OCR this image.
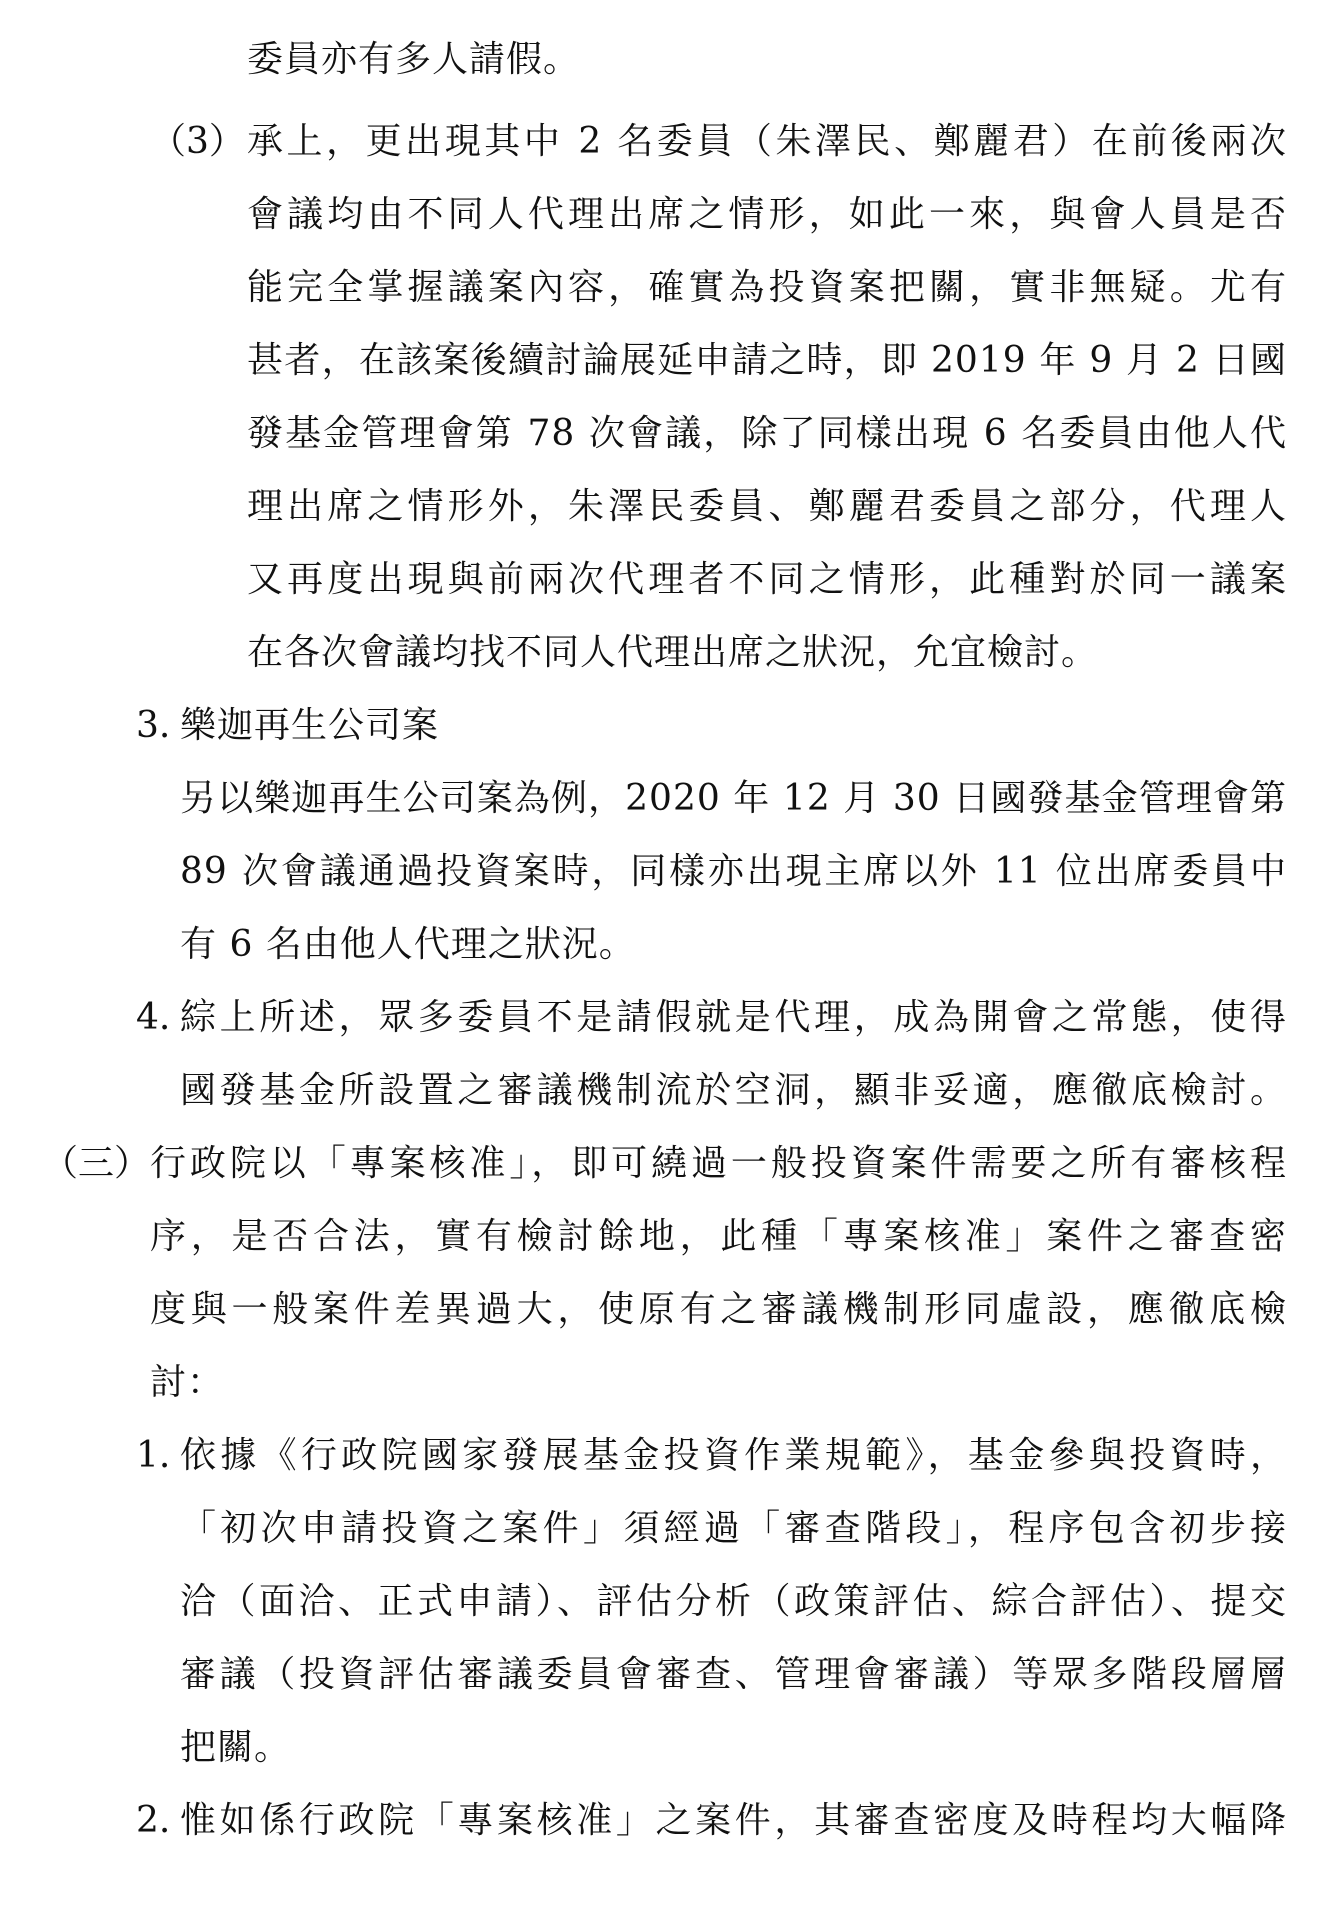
委員亦有多人請假。
（3） 承上，更出現其中 2 名委員（朱澤民、鄭麗君）在前後兩次
會議均由不同人代理出席之情形，如此一來，與會人員是否
能完全掌握議案內容，確實為投資案把關，實非無疑。尤有
甚者，在該案後續討論展延申請之時，即 2019 年 9 月 2 日國
發基金管理會第 78 次會議，除了同樣出現 6 名委員由他人代
理出席之情形外，朱澤民委員、鄭麗君委員之部分，代理人
又再度出現與前兩次代理者不同之情形，此種對於同一議案
在各次會議均找不同人代理出席之狀況，允宜檢討。
3. 樂迦再生公司案
另以樂迦再生公司案為例，2020 年 12 月 30 日國發基金管理會第
89 次會議通過投資案時，同樣亦出現主席以外 11 位出席委員中
有 6 名由他人代理之狀況。
4. 綜上所述，眾多委員不是請假就是代理，成為開會之常態，使得
國發基金所設置之審議機制流於空洞，顯非妥適，應徹底檢討。
（三） 行政院以「專案核准」，即可繞過一般投資案件需要之所有審核程
序，是否合法，實有檢討餘地，此種「專案核准」案件之審查密
度與一般案件差異過大，使原有之審議機制形同虛設，應徹底檢
討：
1. 依據《行政院國家發展基金投資作業規範》，基金參與投資時，
「初次申請投資之案件」須經過「審查階段」，程序包含初步接
洽（面洽、正式申請）、評估分析（政策評估、綜合評估）、提交
審議（投資評估審議委員會審查、管理會審議）等眾多階段層層
把關。
2. 惟如係行政院「專案核准」之案件，其審查密度及時程均大幅降
